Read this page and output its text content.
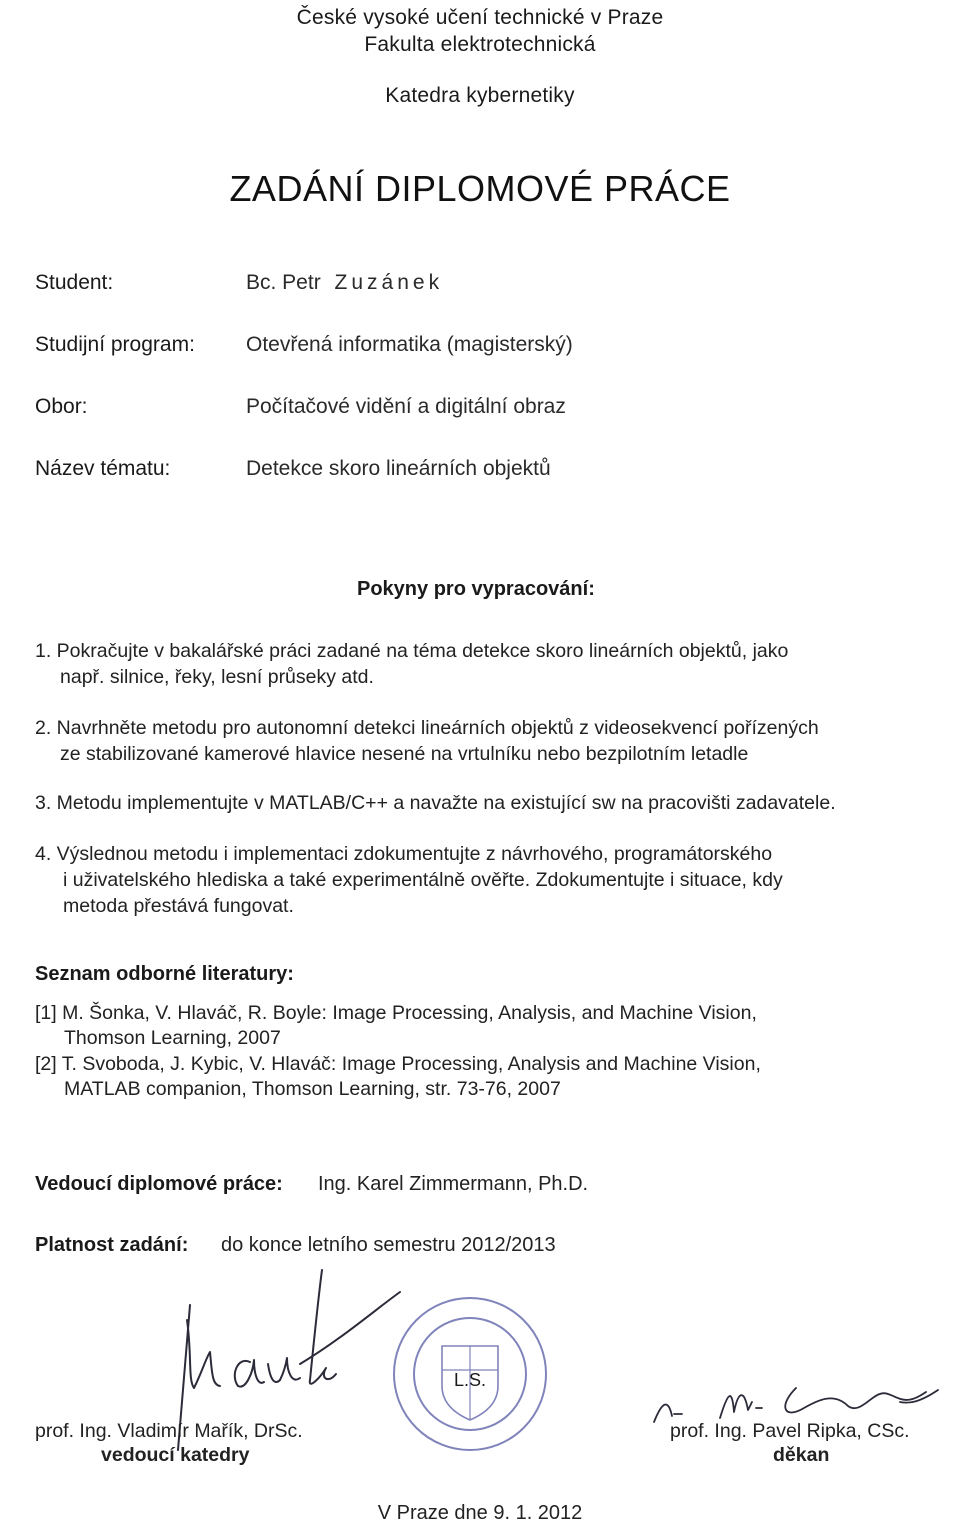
České vysoké učení technické v Praze
Fakulta elektrotechnická
Katedra kybernetiky
ZADÁNÍ DIPLOMOVÉ PRÁCE
Student:	Bc. Petr Zuzánek
Studijní program: Otevřená informatika (magisterský)
Obor:	Počítačové vidění a digitální obraz
Název tématu:	Detekce skoro lineárních objektů
Pokyny pro vypracování:
1. Pokračujte v bakalářské práci zadané na téma detekce skoro lineárních objektů, jako
např. silnice, řeky, lesní průseky atd.
2. Navrhněte metodu pro autonomní detekci lineárních objektů z videosekvencí pořízených
ze stabilizované kamerové hlavice nesené na vrtulníku nebo bezpilotním letadle
3. Metodu implementujte v MATLAB/C++ a navažte na existující sw na pracovišti zadavatele.
4. Výslednou metodu i implementaci zdokumentujte z návrhového, programátorského
i uživatelského hlediska a také experimentálně ověřte. Zdokumentujte i situace, kdy
metoda přestává fungovat.
Seznam odborné literatury:
[1] M. Šonka, V. Hlaváč, R. Boyle: Image Processing, Analysis, and Machine Vision,
Thomson Learning, 2007
[2] T. Svoboda, J. Kybic, V. Hlaváč: Image Processing, Analysis and Machine Vision,
MATLAB companion, Thomson Learning, str. 73-76, 2007
Vedoucí diplomové práce: Ing. Karel Zimmermann, Ph.D.
Platnost zadání: do konce letního semestru 2012/2013
L.S.
prof. Ing. Vladimír Mařík, DrSc.
vedoucí katedry
prof. Ing. Pavel Ripka, CSc.
děkan
V Praze dne 9. 1. 2012
